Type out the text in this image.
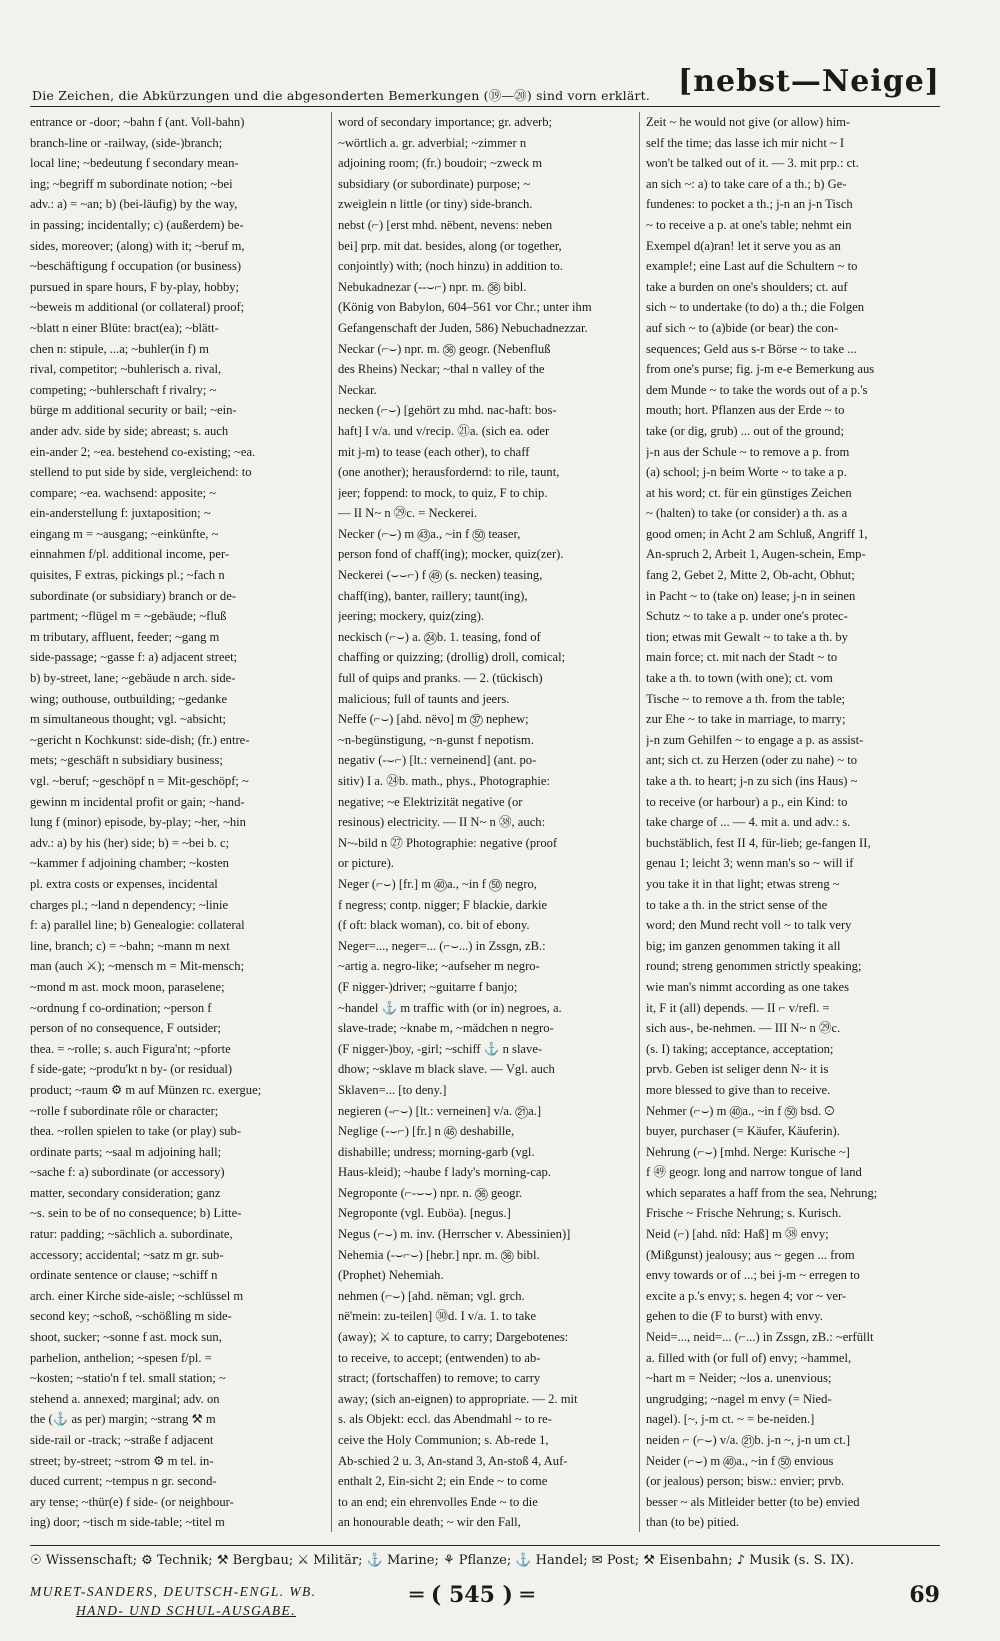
Die Zeichen, die Abkürzungen und die abgesonderten Bemerkungen (⑲—⑳) sind vorn erklärt. [nebst—Neige]
entrance or -door; ~bahn f (ant. Voll-bahn)
branch-line or -railway, (side-)branch;
local line; ~bedeutung f secondary mean-
ing; ~begriff m subordinate notion; ~bei
adv.: a) = ~an; b) (bei-läufig) by the way,
in passing; incidentally; c) (außerdem) be-
sides, moreover; (along) with it; ~beruf m,
~beschäftigung f occupation (or business)
pursued in spare hours, F by-play, hobby;
~beweis m additional (or collateral) proof;
~blatt n einer Blüte: bract(ea); ~blätt-
chen n: stipule, ...a; ~buhler(in f) m
rival, competitor; ~buhlerisch a. rival,
competing; ~buhlerschaft f rivalry; ~
bürge m additional security or bail; ~ein-
ander adv. side by side; abreast; s. auch
ein-ander 2; ~ea. bestehend co-existing; ~ea.
stellend to put side by side, vergleichend: to
compare; ~ea. wachsend: apposite; ~
ein-anderstellung f: juxtaposition; ~
eingang m = ~ausgang; ~einkünfte, ~
einnahmen f/pl. additional income, per-
quisites, F extras, pickings pl.; ~fach n
subordinate (or subsidiary) branch or de-
partment; ~flügel m = ~gebäude; ~fluß
m tributary, affluent, feeder; ~gang m
side-passage; ~gasse f: a) adjacent street;
b) by-street, lane; ~gebäude n arch. side-
wing; outhouse, outbuilding; ~gedanke
m simultaneous thought; vgl. ~absicht;
~gericht n Kochkunst: side-dish; (fr.) entre-
mets; ~geschäft n subsidiary business;
vgl. ~beruf; ~geschöpf n = Mit-geschöpf; ~
gewinn m incidental profit or gain; ~hand-
lung f (minor) episode, by-play; ~her, ~hin
adv.: a) by his (her) side; b) = ~bei b. c;
~kammer f adjoining chamber; ~kosten
pl. extra costs or expenses, incidental
charges pl.; ~land n dependency; ~linie
f: a) parallel line; b) Genealogie: collateral
line, branch; c) = ~bahn; ~mann m next
man (auch ⚔); ~mensch m = Mit-mensch;
~mond m ast. mock moon, paraselene;
~ordnung f co-ordination; ~person f
person of no consequence, F outsider;
thea. = ~rolle; s. auch Figura'nt; ~pforte
f side-gate; ~produ'kt n by- (or residual)
product; ~raum ⚙ m auf Münzen rc. exergue;
~rolle f subordinate rôle or character;
thea. ~rollen spielen to take (or play) sub-
ordinate parts; ~saal m adjoining hall;
~sache f: a) subordinate (or accessory)
matter, secondary consideration; ganz
~s. sein to be of no consequence; b) Litte-
ratur: padding; ~sächlich a. subordinate,
accessory; accidental; ~satz m gr. sub-
ordinate sentence or clause; ~schiff n
arch. einer Kirche side-aisle; ~schlüssel m
second key; ~schoß, ~schößling m side-
shoot, sucker; ~sonne f ast. mock sun,
parhelion, anthelion; ~spesen f/pl. =
~kosten; ~statio'n f tel. small station; ~
stehend a. annexed; marginal; adv. on
the (⚓ as per) margin; ~strang ⚒ m
side-rail or -track; ~straße f adjacent
street; by-street; ~strom ⚙ m tel. in-
duced current; ~tempus n gr. second-
ary tense; ~thür(e) f side- (or neighbour-
ing) door; ~tisch m side-table; ~titel m
word of secondary importance; gr. adverb;
~wörtlich a. gr. adverbial; ~zimmer n
adjoining room; (fr.) boudoir; ~zweck m
subsidiary (or subordinate) purpose; ~
zweiglein n little (or tiny) side-branch.
nebst (⌐) [erst mhd. nëbent, nevens: neben
bei] prp. mit dat. besides, along (or together,
conjointly) with; (noch hinzu) in addition to.
Nebukadnezar (--⌣⌐) npr. m. ㊱ bibl.
(König von Babylon, 604–561 vor Chr.; unter ihm
Gefangenschaft der Juden, 586) Nebuchadnezzar.
Neckar (⌐⌣) npr. m. ㊱ geogr. (Nebenfluß
des Rheins) Neckar; ~thal n valley of the
Neckar.
necken (⌐⌣) [gehört zu mhd. nac-haft: bos-
haft] I v/a. und v/recip. ㉑a. (sich ea. oder
mit j-m) to tease (each other), to chaff
(one another); herausfordernd: to rile, taunt,
jeer; foppend: to mock, to quiz, F to chip.
— II N~ n ㉙c. = Neckerei.
Necker (⌐⌣) m ㊸a., ~in f ㊿ teaser,
person fond of chaff(ing); mocker, quiz(zer).
Neckerei (⌣⌣⌐) f ㊾ (s. necken) teasing,
chaff(ing), banter, raillery; taunt(ing),
jeering; mockery, quiz(zing).
neckisch (⌐⌣) a. ㉔b. 1. teasing, fond of
chaffing or quizzing; (drollig) droll, comical;
full of quips and pranks. — 2. (tückisch)
malicious; full of taunts and jeers.
Neffe (⌐⌣) [ahd. nëvo] m ㊲ nephew;
~n-begünstigung, ~n-gunst f nepotism.
negativ (-⌣⌐) [lt.: verneinend] (ant. po-
sitiv) I a. ㉔b. math., phys., Photographie:
negative; ~e Elektrizität negative (or
resinous) electricity. — II N~ n ㊳, auch:
N~-bild n ㉗ Photographie: negative (proof
or picture).
Neger (⌐⌣) [fr.] m ㊵a., ~in f ㊿ negro,
f negress; contp. nigger; F blackie, darkie
(f oft: black woman), co. bit of ebony.
Neger=..., neger=... (⌐⌣...) in Zssgn, zB.:
~artig a. negro-like; ~aufseher m negro-
(F nigger-)driver; ~guitarre f banjo;
~handel ⚓ m traffic with (or in) negroes, a.
slave-trade; ~knabe m, ~mädchen n negro-
(F nigger-)boy, -girl; ~schiff ⚓ n slave-
dhow; ~sklave m black slave. — Vgl. auch
Sklaven=... [to deny.]
negieren (-⌐⌣) [lt.: verneinen] v/a. ㉑a.]
Neglige (-⌣⌐) [fr.] n ㊻ deshabille,
dishabille; undress; morning-garb (vgl.
Haus-kleid); ~haube f lady's morning-cap.
Negroponte (⌐-⌣⌣) npr. n. ㊱ geogr.
Negroponte (vgl. Euböa). [negus.]
Negus (⌐⌣) m. inv. (Herrscher v. Abessinien)]
Nehemia (-⌣⌐⌣) [hebr.] npr. m. ㊱ bibl.
(Prophet) Nehemiah.
nehmen (⌐⌣) [ahd. nëman; vgl. grch.
në'mein: zu-teilen] ㉚d. I v/a. 1. to take
(away); ⚔ to capture, to carry; Dargebotenes:
to receive, to accept; (entwenden) to ab-
stract; (fortschaffen) to remove; to carry
away; (sich an-eignen) to appropriate. — 2. mit
s. als Objekt: eccl. das Abendmahl ~ to re-
ceive the Holy Communion; s. Ab-rede 1,
Ab-schied 2 u. 3, An-stand 3, An-stoß 4, Auf-
enthalt 2, Ein-sicht 2; ein Ende ~ to come
to an end; ein ehrenvolles Ende ~ to die
an honourable death; ~ wir den Fall,
Zeit ~ he would not give (or allow) him-
self the time; das lasse ich mir nicht ~ I
won't be talked out of it. — 3. mit prp.: ct.
an sich ~: a) to take care of a th.; b) Ge-
fundenes: to pocket a th.; j-n an j-n Tisch
~ to receive a p. at one's table; nehmt ein
Exempel d(a)ran! let it serve you as an
example!; eine Last auf die Schultern ~ to
take a burden on one's shoulders; ct. auf
sich ~ to undertake (to do) a th.; die Folgen
auf sich ~ to (a)bide (or bear) the con-
sequences; Geld aus s-r Börse ~ to take ...
from one's purse; fig. j-m e-e Bemerkung aus
dem Munde ~ to take the words out of a p.'s
mouth; hort. Pflanzen aus der Erde ~ to
take (or dig, grub) ... out of the ground;
j-n aus der Schule ~ to remove a p. from
(a) school; j-n beim Worte ~ to take a p.
at his word; ct. für ein günstiges Zeichen
~ (halten) to take (or consider) a th. as a
good omen; in Acht 2 am Schluß, Angriff 1,
An-spruch 2, Arbeit 1, Augen-schein, Emp-
fang 2, Gebet 2, Mitte 2, Ob-acht, Obhut;
in Pacht ~ to (take on) lease; j-n in seinen
Schutz ~ to take a p. under one's protec-
tion; etwas mit Gewalt ~ to take a th. by
main force; ct. mit nach der Stadt ~ to
take a th. to town (with one); ct. vom
Tische ~ to remove a th. from the table;
zur Ehe ~ to take in marriage, to marry;
j-n zum Gehilfen ~ to engage a p. as assist-
ant; sich ct. zu Herzen (oder zu nahe) ~ to
take a th. to heart; j-n zu sich (ins Haus) ~
to receive (or harbour) a p., ein Kind: to
take charge of ... — 4. mit a. und adv.: s.
buchstäblich, fest II 4, für-lieb; ge-fangen II,
genau 1; leicht 3; wenn man's so ~ will if
you take it in that light; etwas streng ~
to take a th. in the strict sense of the
word; den Mund recht voll ~ to talk very
big; im ganzen genommen taking it all
round; streng genommen strictly speaking;
wie man's nimmt according as one takes
it, F it (all) depends. — II ⌐ v/refl. =
sich aus-, be-nehmen. — III N~ n ㉙c.
(s. I) taking; acceptance, acceptation;
prvb. Geben ist seliger denn N~ it is
more blessed to give than to receive.
Nehmer (⌐⌣) m ㊵a., ~in f ㊿ bsd. ☉
buyer, purchaser (= Käufer, Käuferin).
Nehrung (⌐⌣) [mhd. Nerge: Kurische ~]
f ㊾ geogr. long and narrow tongue of land
which separates a haff from the sea, Nehrung;
Frische ~ Frische Nehrung; s. Kurisch.
Neid (⌐) [ahd. nîd: Haß] m ㊳ envy;
(Mißgunst) jealousy; aus ~ gegen ... from
envy towards or of ...; bei j-m ~ erregen to
excite a p.'s envy; s. hegen 4; vor ~ ver-
gehen to die (F to burst) with envy.
Neid=..., neid=... (⌐...) in Zssgn, zB.: ~erfüllt
a. filled with (or full of) envy; ~hammel,
~hart m = Neider; ~los a. unenvious;
ungrudging; ~nagel m envy (= Nied-
nagel). [~, j-m ct. ~ = be-neiden.]
neiden ⌐ (⌐⌣) v/a. ㉑b. j-n ~, j-n um ct.]
Neider (⌐⌣) m ㊵a., ~in f ㊿ envious
(or jealous) person; bisw.: envier; prvb.
besser ~ als Mitleider better (to be) envied
than (to be) pitied.
☉ Wissenschaft; ⚙ Technik; ⚒ Bergbau; ⚔ Militär; ⚓ Marine; ⚘ Pflanze; ⚓ Handel; ✉ Post; ⚒ Eisenbahn; ♪ Musik (s. S. IX).
MURET-SANDERS, DEUTSCH-ENGL. WB.
HAND- UND SCHUL-AUSGABE.
═ ( 545 ) ═	69
